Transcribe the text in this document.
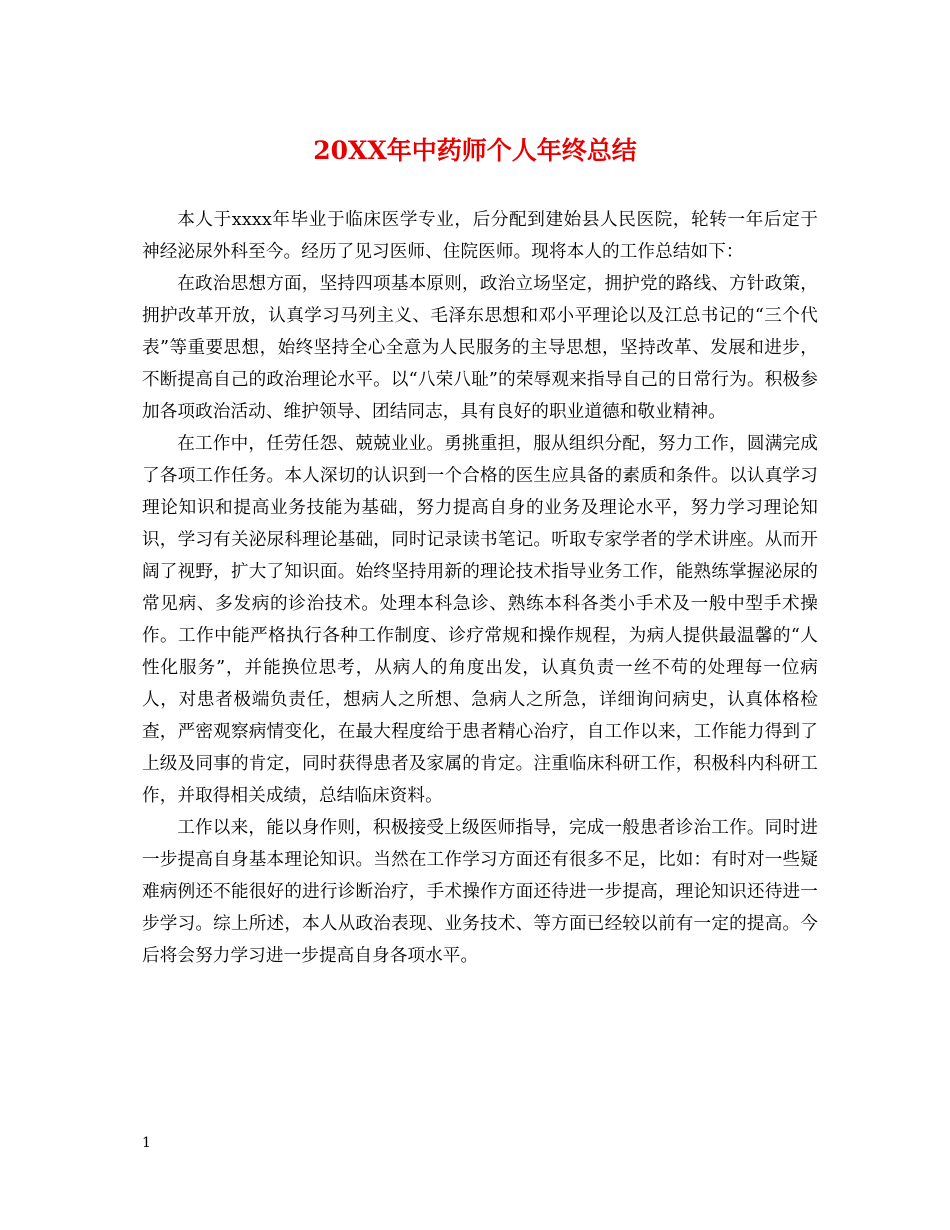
20XX年中药师个人年终总结

本人于xxxx年毕业于临床医学专业，后分配到建始县人民医院，轮转一年后定于神经泌尿外科至今。经历了见习医师、住院医师。现将本人的工作总结如下：

在政治思想方面，坚持四项基本原则，政治立场坚定，拥护党的路线、方针政策，拥护改革开放，认真学习马列主义、毛泽东思想和邓小平理论以及江总书记的“三个代表”等重要思想，始终坚持全心全意为人民服务的主导思想，坚持改革、发展和进步，不断提高自己的政治理论水平。以“八荣八耻”的荣辱观来指导自己的日常行为。积极参加各项政治活动、维护领导、团结同志，具有良好的职业道德和敬业精神。

在工作中，任劳任怨、兢兢业业。勇挑重担，服从组织分配，努力工作，圆满完成了各项工作任务。本人深切的认识到一个合格的医生应具备的素质和条件。以认真学习理论知识和提高业务技能为基础，努力提高自身的业务及理论水平，努力学习理论知识，学习有关泌尿科理论基础，同时记录读书笔记。听取专家学者的学术讲座。从而开阔了视野，扩大了知识面。始终坚持用新的理论技术指导业务工作，能熟练掌握泌尿的常见病、多发病的诊治技术。处理本科急诊、熟练本科各类小手术及一般中型手术操作。工作中能严格执行各种工作制度、诊疗常规和操作规程，为病人提供最温馨的“人性化服务”，并能换位思考，从病人的角度出发，认真负责一丝不苟的处理每一位病人，对患者极端负责任，想病人之所想、急病人之所急，详细询问病史，认真体格检查，严密观察病情变化，在最大程度给于患者精心治疗，自工作以来，工作能力得到了上级及同事的肯定，同时获得患者及家属的肯定。注重临床科研工作，积极科内科研工作，并取得相关成绩，总结临床资料。

工作以来，能以身作则，积极接受上级医师指导，完成一般患者诊治工作。同时进一步提高自身基本理论知识。当然在工作学习方面还有很多不足，比如：有时对一些疑难病例还不能很好的进行诊断治疗，手术操作方面还待进一步提高，理论知识还待进一步学习。综上所述，本人从政治表现、业务技术、等方面已经较以前有一定的提高。今后将会努力学习进一步提高自身各项水平。

1
